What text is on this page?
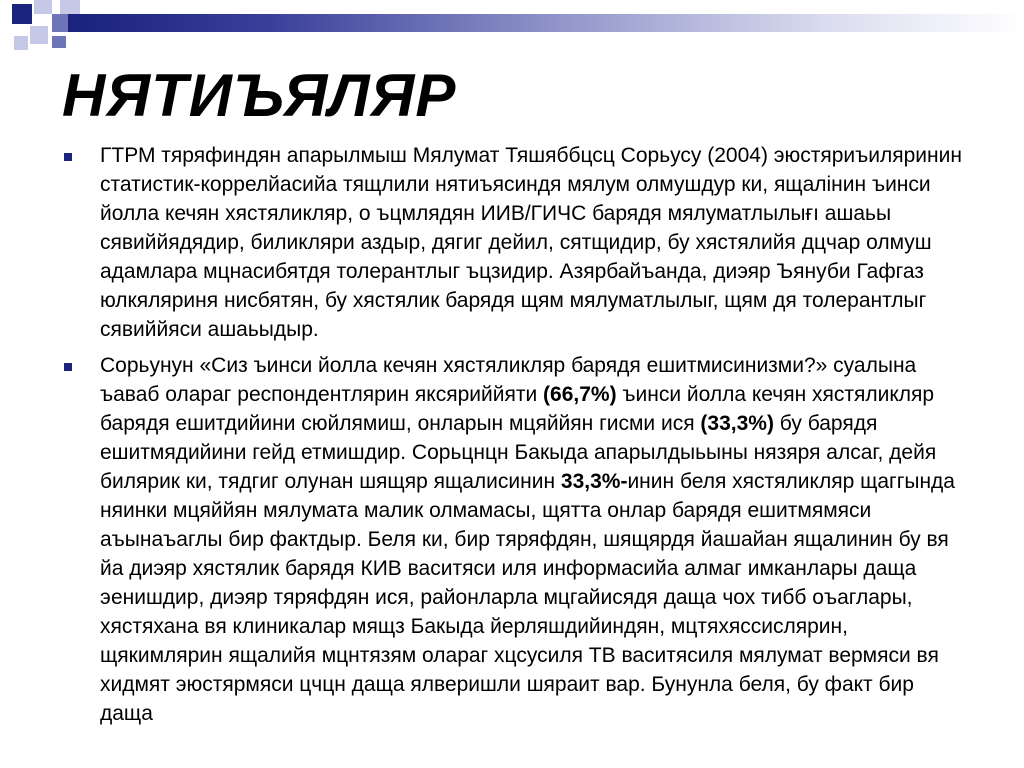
НЯТИЪЯЛЯР
ГТРМ тяряфиндян апарылмыш Мялумат Тяшяббцсц Сорьусу (2004) эюстяриъиляринин статистик-коррелйасийа тящлили нятиъясиндя мялум олмушдур ки, ящалінин ъинси йолла кечян хястяликляр, о ъцмлядян ИИВ/ГИЧС барядя мялуматлылығı ашаьы сявиййядядир, биликляри аздыр, дягиг дейил, сятщидир, бу хястялийя дцчар олмуш адамлара мцнасибятдя толерантлыг ъцзидир. Азярбайъанда, диэяр Ъянуби Гафгаз юлкяляриня нисбятян, бу хястялик барядя щям мялуматлылыг, щям дя толерантлыг сявиййяси ашаьыдыр.
Сорьунун «Сиз ъинси йолла кечян хястяликляр барядя ешитмисинизми?» суалына ъаваб олараг респондентлярин яксяриййяти (66,7%) ъинси йолла кечян хястяликляр барядя ешитдийини сюйлямиш, онларын мцяййян гисми ися (33,3%) бу барядя ешитмядийини гейд етмишдир. Сорьцнцн Бакыда апарылдыьыны нязяря алсаг, дейя билярик ки, тядгиг олунан шящяр ящалисинин 33,3%-инин беля хястяликляр щаггында няинки мцяййян мялумата малик олмамасы, щятта онлар барядя ешитмямяси аъынаъаглы бир фактдыр. Беля ки, бир тяряфдян, шящярдя йашайан ящалинин бу вя йа диэяр хястялик барядя КИВ васитяси иля информасийа алмаг имканлары даща эенишдир, диэяр тяряфдян ися, районларла мцгайисядя даща чох тибб оъаглары, хястяхана вя клиникалар мящз Бакыда йерляшдийиндян, мцтяхяссислярин, щякимлярин ящалийя мцнтязям олараг хцсусиля ТВ васитясиля мялумат вермяси вя хидмят эюстярмяси цчцн даща ялверишли шяраит вар. Бунунла беля, бу факт бир даща
